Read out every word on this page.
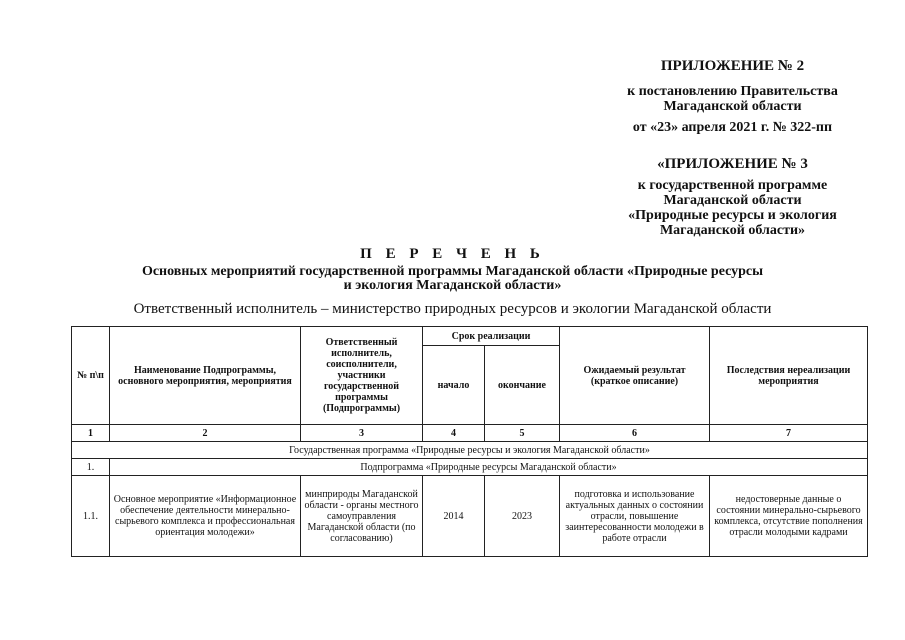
ПРИЛОЖЕНИЕ № 2
к постановлению Правительства
Магаданской области
от «23» апреля 2021 г. № 322-пп
«ПРИЛОЖЕНИЕ № 3
к государственной программе
Магаданской области
«Природные ресурсы и экология
Магаданской области»
П Е Р Е Ч Е Н Ь
Основных мероприятий государственной программы Магаданской области «Природные ресурсы
и экология Магаданской области»
Ответственный исполнитель – министерство природных ресурсов и экологии Магаданской области
№ п\п	Наименование Подпрограммы, основного мероприятия, мероприятия	Ответственный исполнитель, соисполнители, участники государственной программы (Подпрограммы)	Срок реализации		Ожидаемый результат (краткое описание)	Последствия нереализации мероприятия
			начало	окончание		
1	2	3	4	5	6	7
Государственная программа «Природные ресурсы и экология Магаданской области»						
1.	Подпрограмма «Природные ресурсы Магаданской области»					
1.1.	Основное мероприятие «Информационное обеспечение деятельности минерально-сырьевого комплекса и профессиональная ориентация молодежи»	минприроды Магаданской области - органы местного самоуправления Магаданской области (по согласованию)	2014	2023	подготовка и использование актуальных данных о состоянии отрасли, повышение заинтересованности молодежи в работе отрасли	недостоверные данные о состоянии минерально-сырьевого комплекса, отсутствие пополнения отрасли молодыми кадрами
